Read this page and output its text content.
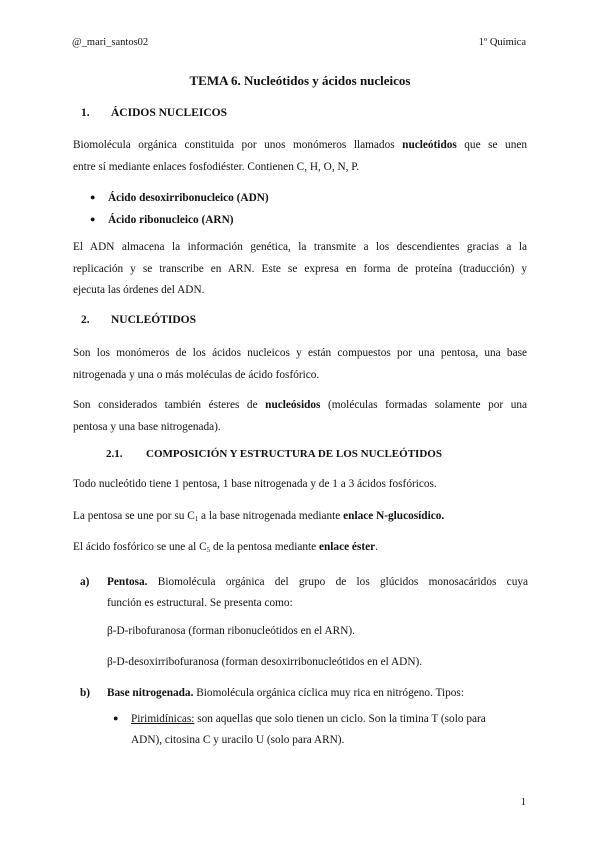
@_mari_santos02	1º Química
TEMA 6. Nucleótidos y ácidos nucleicos
1. ÁCIDOS NUCLEICOS
Biomolécula orgánica constituida por unos monómeros llamados nucleótidos que se unen
entre sí mediante enlaces fosfodiéster. Contienen C, H, O, N, P.
● Ácido desoxirribonucleico (ADN)
● Ácido ribonucleico (ARN)
El ADN almacena la información genética, la transmite a los descendientes gracias a la
replicación y se transcribe en ARN. Este se expresa en forma de proteína (traducción) y
ejecuta las órdenes del ADN.
2. NUCLEÓTIDOS
Son los monómeros de los ácidos nucleicos y están compuestos por una pentosa, una base
nitrogenada y una o más moléculas de ácido fosfórico.
Son considerados también ésteres de nucleósidos (moléculas formadas solamente por una
pentosa y una base nitrogenada).
2.1. COMPOSICIÓN Y ESTRUCTURA DE LOS NUCLEÓTIDOS
Todo nucleótido tiene 1 pentosa, 1 base nitrogenada y de 1 a 3 ácidos fosfóricos.
La pentosa se une por su $C_1$ a la base nitrogenada mediante enlace N-glucosídico.
El ácido fosfórico se une al $C_5$ de la pentosa mediante enlace éster.
a) Pentosa. Biomolécula orgánica del grupo de los glúcidos monosacáridos cuya
función es estructural. Se presenta como:
β-D-ribofuranosa (forman ribonucleótidos en el ARN).
β-D-desoxirribofuranosa (forman desoxirribonucleótidos en el ADN).
b) Base nitrogenada. Biomolécula orgánica cíclica muy rica en nitrógeno. Tipos:
● Pirimidínicas: son aquellas que solo tienen un ciclo. Son la timina T (solo para
ADN), citosina C y uracilo U (solo para ARN).
1
